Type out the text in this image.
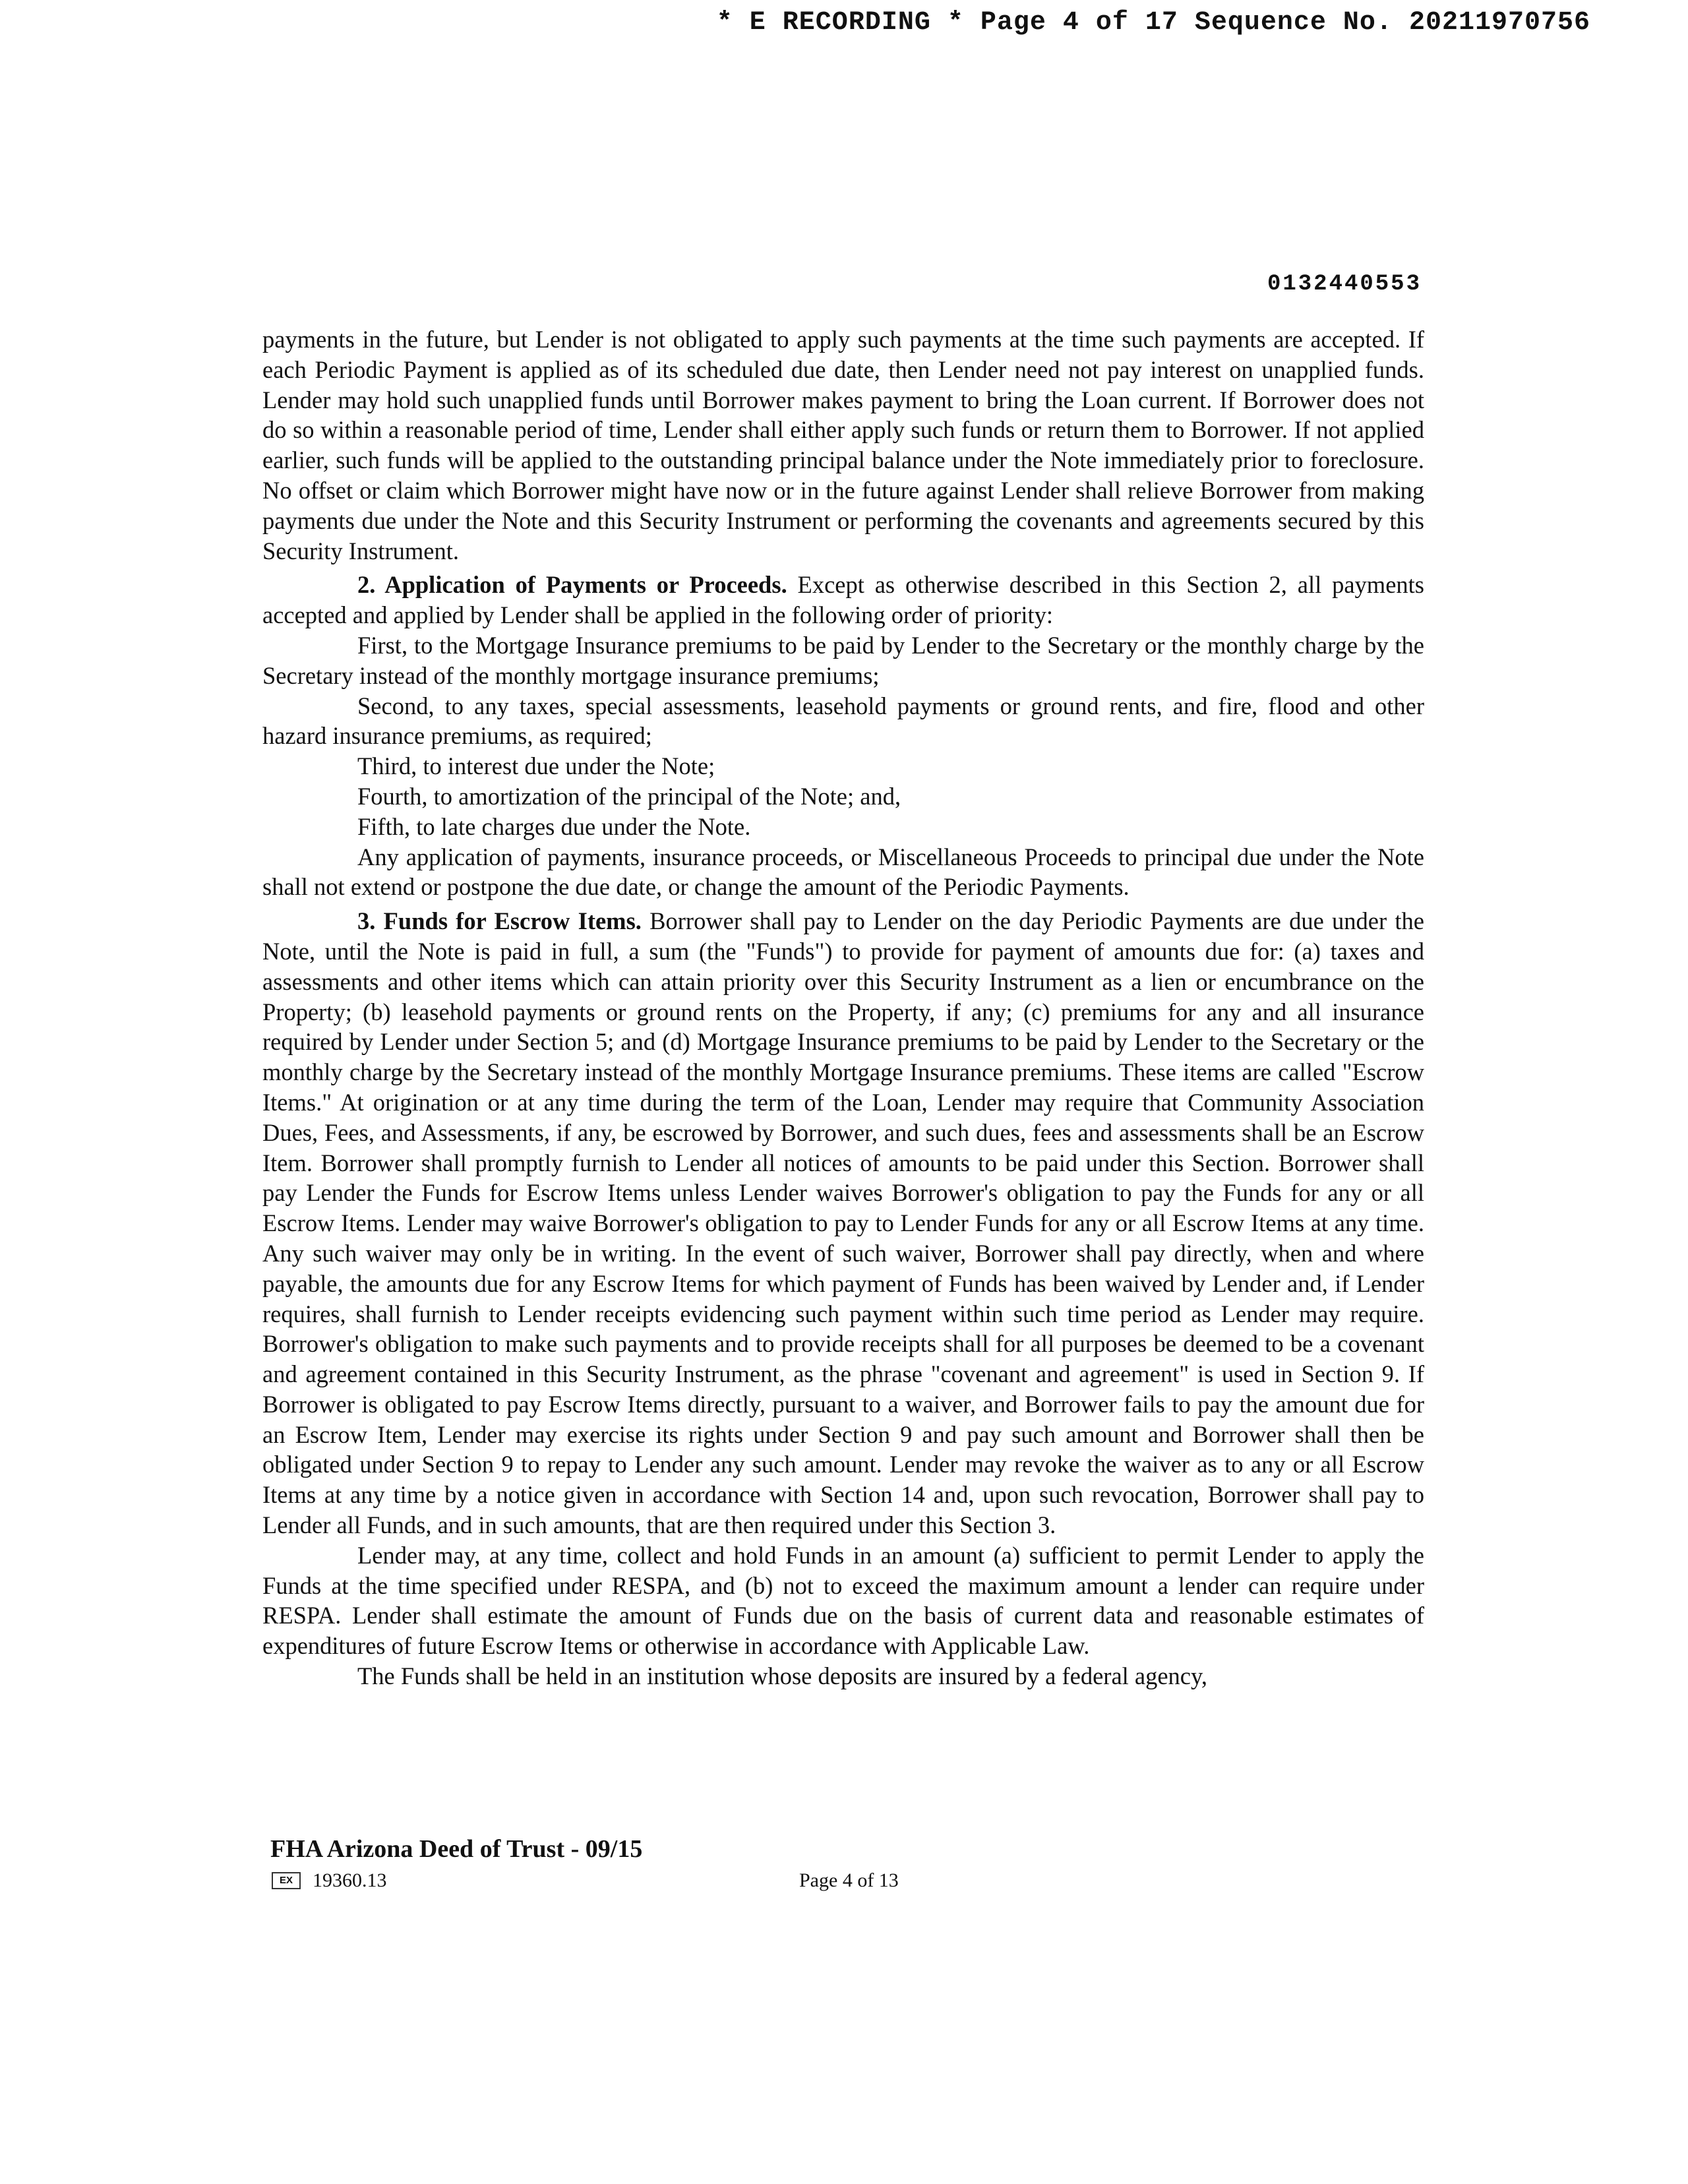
* E RECORDING * Page 4 of 17 Sequence No. 20211970756
0132440553

payments in the future, but Lender is not obligated to apply such payments at the time such payments are accepted. If each Periodic Payment is applied as of its scheduled due date, then Lender need not pay interest on unapplied funds. Lender may hold such unapplied funds until Borrower makes payment to bring the Loan current. If Borrower does not do so within a reasonable period of time, Lender shall either apply such funds or return them to Borrower. If not applied earlier, such funds will be applied to the outstanding principal balance under the Note immediately prior to foreclosure. No offset or claim which Borrower might have now or in the future against Lender shall relieve Borrower from making payments due under the Note and this Security Instrument or performing the covenants and agreements secured by this Security Instrument.

2. Application of Payments or Proceeds. Except as otherwise described in this Section 2, all payments accepted and applied by Lender shall be applied in the following order of priority:

First, to the Mortgage Insurance premiums to be paid by Lender to the Secretary or the monthly charge by the Secretary instead of the monthly mortgage insurance premiums;

Second, to any taxes, special assessments, leasehold payments or ground rents, and fire, flood and other hazard insurance premiums, as required;

Third, to interest due under the Note;

Fourth, to amortization of the principal of the Note; and,

Fifth, to late charges due under the Note.

Any application of payments, insurance proceeds, or Miscellaneous Proceeds to principal due under the Note shall not extend or postpone the due date, or change the amount of the Periodic Payments.

3. Funds for Escrow Items. Borrower shall pay to Lender on the day Periodic Payments are due under the Note, until the Note is paid in full, a sum (the "Funds") to provide for payment of amounts due for: (a) taxes and assessments and other items which can attain priority over this Security Instrument as a lien or encumbrance on the Property; (b) leasehold payments or ground rents on the Property, if any; (c) premiums for any and all insurance required by Lender under Section 5; and (d) Mortgage Insurance premiums to be paid by Lender to the Secretary or the monthly charge by the Secretary instead of the monthly Mortgage Insurance premiums. These items are called "Escrow Items." At origination or at any time during the term of the Loan, Lender may require that Community Association Dues, Fees, and Assessments, if any, be escrowed by Borrower, and such dues, fees and assessments shall be an Escrow Item. Borrower shall promptly furnish to Lender all notices of amounts to be paid under this Section. Borrower shall pay Lender the Funds for Escrow Items unless Lender waives Borrower's obligation to pay the Funds for any or all Escrow Items. Lender may waive Borrower's obligation to pay to Lender Funds for any or all Escrow Items at any time. Any such waiver may only be in writing. In the event of such waiver, Borrower shall pay directly, when and where payable, the amounts due for any Escrow Items for which payment of Funds has been waived by Lender and, if Lender requires, shall furnish to Lender receipts evidencing such payment within such time period as Lender may require. Borrower's obligation to make such payments and to provide receipts shall for all purposes be deemed to be a covenant and agreement contained in this Security Instrument, as the phrase "covenant and agreement" is used in Section 9. If Borrower is obligated to pay Escrow Items directly, pursuant to a waiver, and Borrower fails to pay the amount due for an Escrow Item, Lender may exercise its rights under Section 9 and pay such amount and Borrower shall then be obligated under Section 9 to repay to Lender any such amount. Lender may revoke the waiver as to any or all Escrow Items at any time by a notice given in accordance with Section 14 and, upon such revocation, Borrower shall pay to Lender all Funds, and in such amounts, that are then required under this Section 3.

Lender may, at any time, collect and hold Funds in an amount (a) sufficient to permit Lender to apply the Funds at the time specified under RESPA, and (b) not to exceed the maximum amount a lender can require under RESPA. Lender shall estimate the amount of Funds due on the basis of current data and reasonable estimates of expenditures of future Escrow Items or otherwise in accordance with Applicable Law.

The Funds shall be held in an institution whose deposits are insured by a federal agency,

FHA Arizona Deed of Trust - 09/15
EX	19360.13	Page 4 of 13
